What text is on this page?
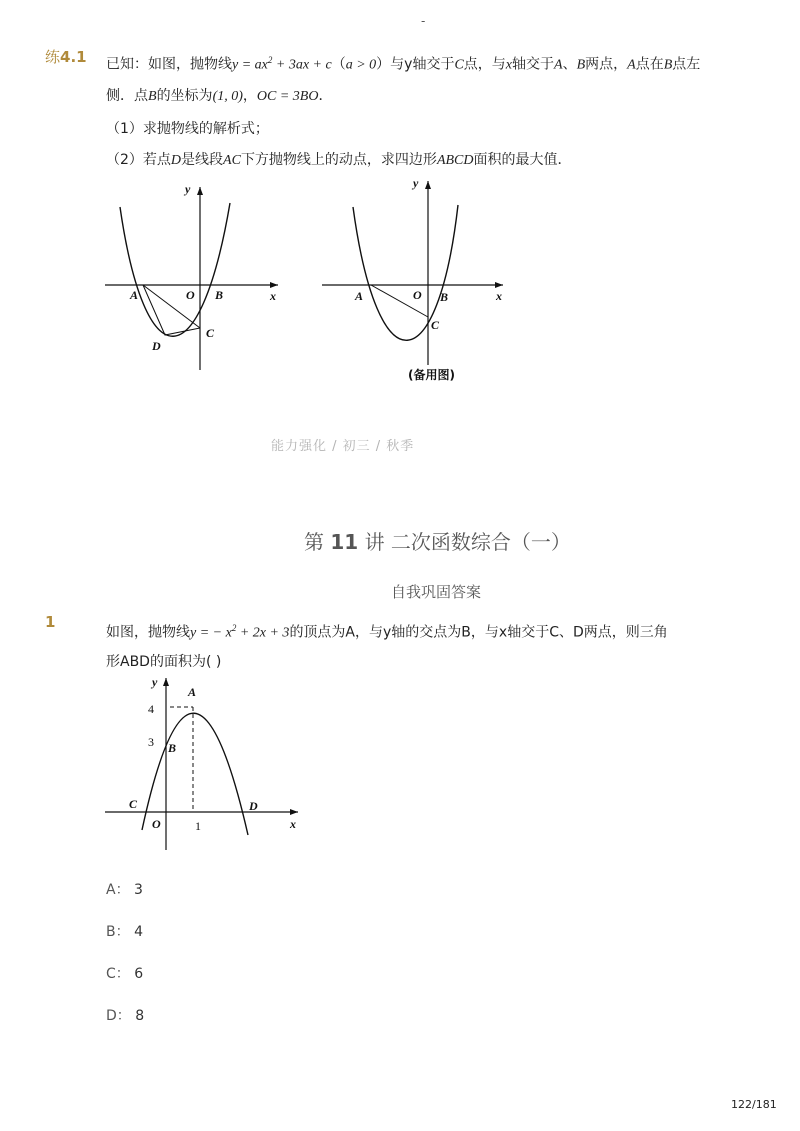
-
练4.1 已知：如图，抛物线$y = ax^2 + 3ax + c(a > 0)$与y轴交于C点，与x轴交于A、B两点，A点在B点左
侧．点B的坐标为(1, 0)，OC = 3BO．
（1）求抛物线的解析式；
（2）若点D是线段AC下方抛物线上的动点，求四边形ABCD面积的最大值．
y
x
A	O B
C
D
y
x
A	O B
C
(备用图)
能力强化 / 初三 / 秋季
第 11 讲 二次函数综合（一）
自我巩固答案
1
如图，抛物线y = − $x^2 + 2x + 3$的顶点为A，与y轴的交点为B，与x轴交于C、D两点，则三角
形ABD的面积为( )
y
x
A
4
3 B
C	D
O	1
A： 3
B： 4
C： 6
D： 8
122/181
